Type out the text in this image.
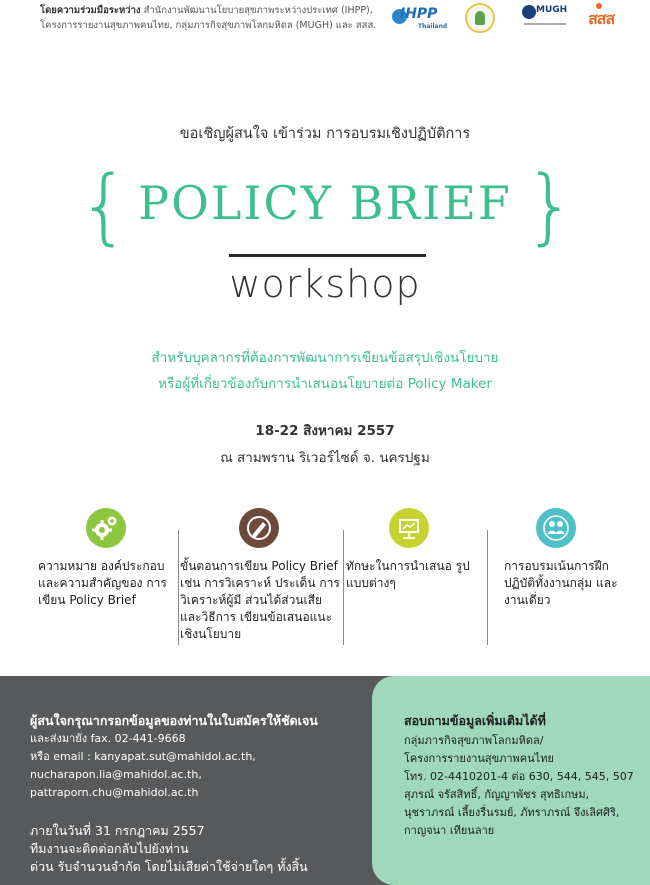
โดยความร่วมมือระหว่าง สำนักงานพัฒนานโยบายสุขภาพระหว่างประเทศ (IHPP),
โครงการรายงานสุขภาพคนไทย, กลุ่มภารกิจสุขภาพโลกมหิดล (MUGH) และ สสส.
IHPP
Thailand
MUGH สสส
ขอเชิญผู้สนใจ เข้าร่วม การอบรมเชิงปฏิบัติการ
{ POLICY BRIEF }
workshop
สำหรับบุคลากรที่ต้องการพัฒนาการเขียนข้อสรุปเชิงนโยบาย
หรือผู้ที่เกี่ยวข้องกับการนำเสนอนโยบายต่อ Policy Maker
18-22 สิงหาคม 2557
ณ สามพราน ริเวอร์ไซด์ จ. นครปฐม
ความหมาย องค์ประกอบ และความสำคัญของ การเขียน Policy Brief
ขั้นตอนการเขียน Policy Brief เช่น การวิเคราะห์ ประเด็น การวิเคราะห์ผู้มี ส่วนได้ส่วนเสีย และวิธีการ เขียนข้อเสนอแนะเชิงนโยบาย
ทักษะในการนำเสนอ รูปแบบต่างๆ
การอบรมเน้นการฝึก ปฏิบัติทั้งงานกลุ่ม และงานเดี่ยว
ผู้สนใจกรุณากรอกข้อมูลของท่านในใบสมัครให้ชัดเจน
และส่งมายัง fax. 02-441-9668
หรือ email : kanyapat.sut@mahidol.ac.th,
nucharapon.lia@mahidol.ac.th, pattraporn.chu@mahidol.ac.th
ภายในวันที่ 31 กรกฎาคม 2557
ทีมงานจะติดต่อกลับไปยังท่าน
ด่วน รับจำนวนจำกัด โดยไม่เสียค่าใช้จ่ายใดๆ ทั้งสิ้น
สอบถามข้อมูลเพิ่มเติมได้ที่
กลุ่มภารกิจสุขภาพโลกมหิดล/
โครงการรายงานสุขภาพคนไทย
โทร. 02-4410201-4 ต่อ 630, 544, 545, 507
สุภรณ์ จรัสสิทธิ์, กัญญาพัชร สุทธิเกษม,
นุชราภรณ์ เลี้ยงรื่นรมย์, ภัทราภรณ์ จึงเลิศศิริ,
กาญจนา เทียนลาย
